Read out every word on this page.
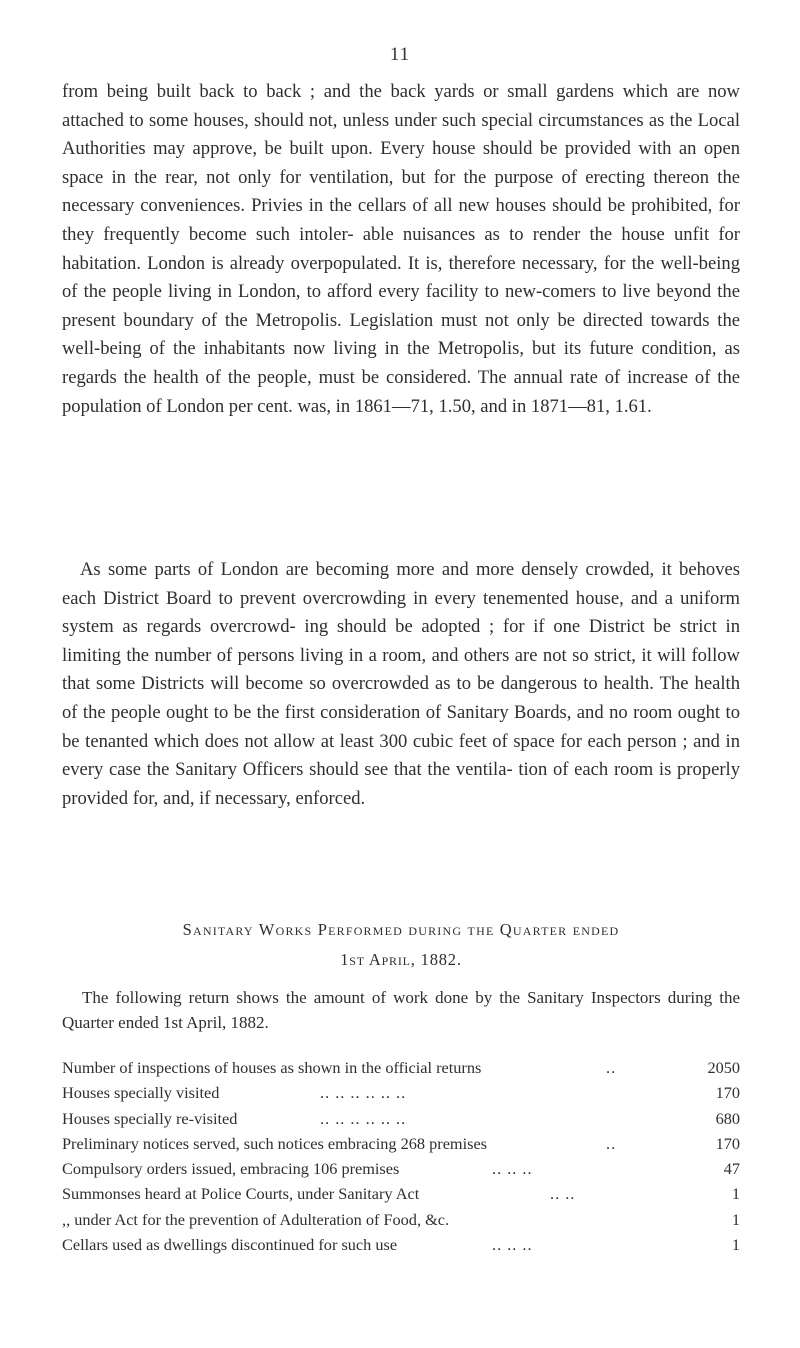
11
from being built back to back ; and the back yards or small gardens which are now attached to some houses, should not, unless under such special circumstances as the Local Authorities may approve, be built upon. Every house should be provided with an open space in the rear, not only for ventilation, but for the purpose of erecting thereon the necessary conveniences. Privies in the cellars of all new houses should be prohibited, for they frequently become such intoler- able nuisances as to render the house unfit for habitation. London is already overpopulated. It is, therefore necessary, for the well-being of the people living in London, to afford every facility to new-comers to live beyond the present boundary of the Metropolis. Legislation must not only be directed towards the well-being of the inhabitants now living in the Metropolis, but its future condition, as regards the health of the people, must be considered. The annual rate of increase of the population of London per cent. was, in 1861—71, 1.50, and in 1871—81, 1.61.
As some parts of London are becoming more and more densely crowded, it behoves each District Board to prevent overcrowding in every tenemented house, and a uniform system as regards overcrowd- ing should be adopted ; for if one District be strict in limiting the number of persons living in a room, and others are not so strict, it will follow that some Districts will become so overcrowded as to be dangerous to health. The health of the people ought to be the first consideration of Sanitary Boards, and no room ought to be tenanted which does not allow at least 300 cubic feet of space for each person ; and in every case the Sanitary Officers should see that the ventila- tion of each room is properly provided for, and, if necessary, enforced.
Sanitary Works Performed during the Quarter ended
1st April, 1882.
The following return shows the amount of work done by the Sanitary Inspectors during the Quarter ended 1st April, 1882.
Number of inspections of houses as shown in the official returns	..	2050
Houses specially visited	.. .. .. .. .. ..	170
Houses specially re-visited	.. .. .. .. .. ..	680
Preliminary notices served, such notices embracing 268 premises	..	170
Compulsory orders issued, embracing 106 premises	.. .. ..	47
Summonses heard at Police Courts, under Sanitary Act	.. ..	1
,, under Act for the prevention of Adulteration of Food, &c.	1
Cellars used as dwellings discontinued for such use	.. .. ..	1
